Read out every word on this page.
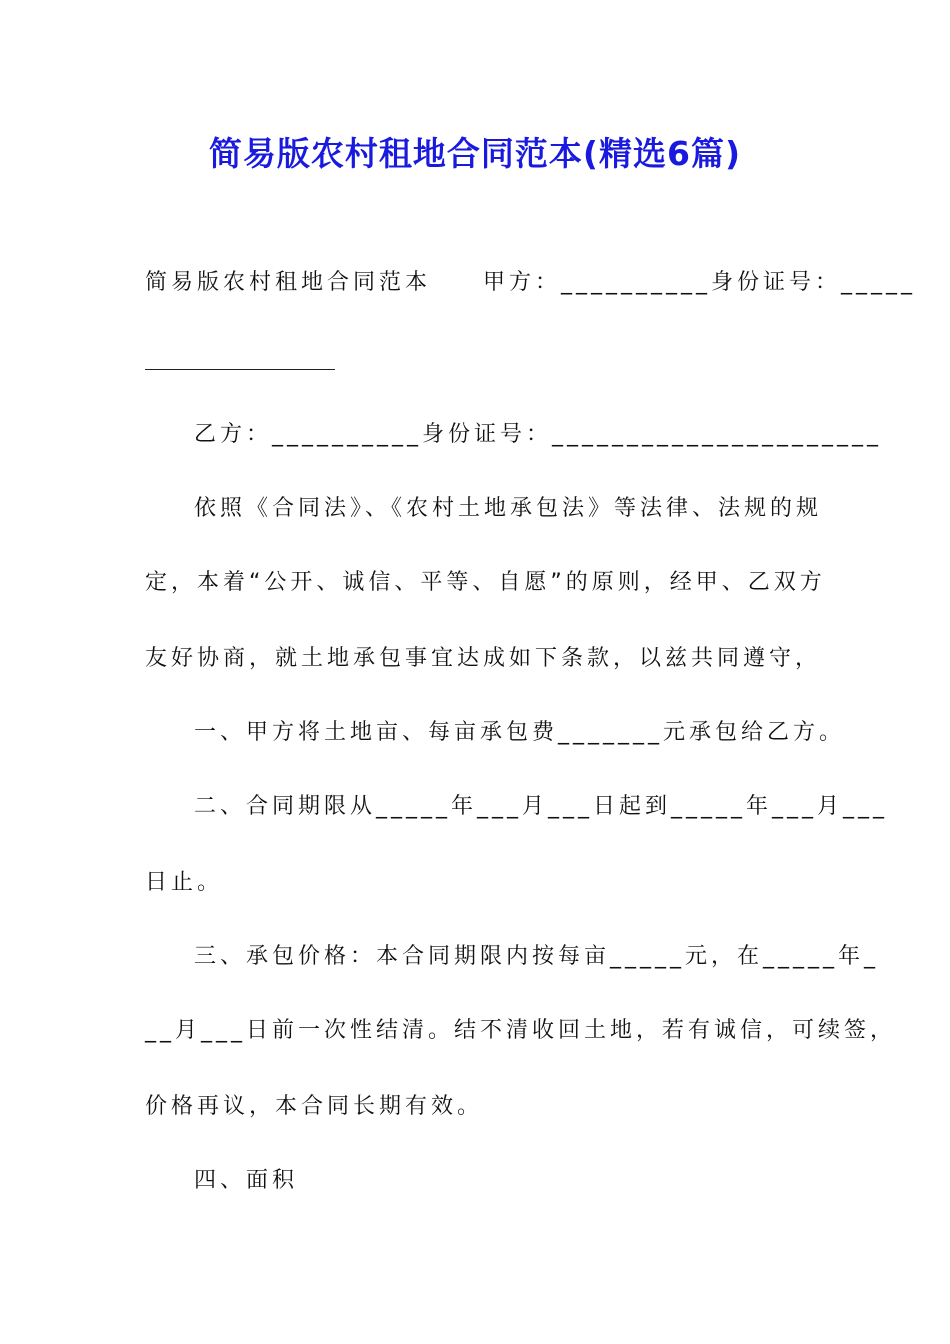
简易版农村租地合同范本(精选6篇)
简易版农村租地合同范本　　甲方：__________身份证号：_____
乙方：__________身份证号：______________________
依照《合同法》、《农村土地承包法》等法律、法规的规
定，本着“公开、诚信、平等、自愿”的原则，经甲、乙双方
友好协商，就土地承包事宜达成如下条款，以兹共同遵守，
一、甲方将土地亩、每亩承包费_______元承包给乙方。
二、合同期限从_____年___月___日起到_____年___月___
日止。
三、承包价格：本合同期限内按每亩_____元，在_____年_
__月___日前一次性结清。结不清收回土地，若有诚信，可续签，
价格再议，本合同长期有效。
四、面积
